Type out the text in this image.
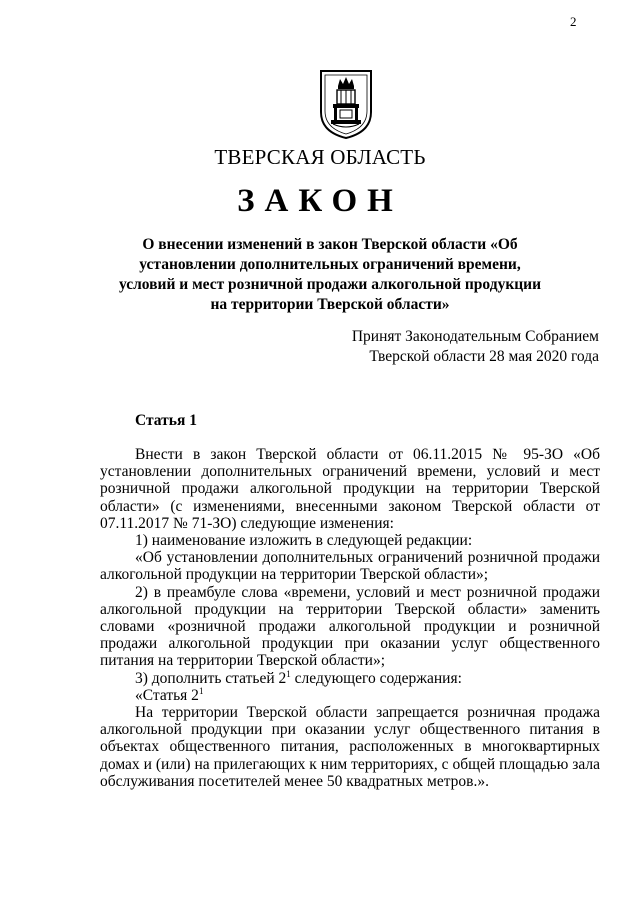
2
ТВЕРСКАЯ ОБЛАСТЬ
ЗАКОН
О внесении изменений в закон Тверской области «Об установлении дополнительных ограничений времени, условий и мест розничной продажи алкогольной продукции на территории Тверской области»
Принят Законодательным Собранием
Тверской области 28 мая 2020 года
Статья 1

Внести в закон Тверской области от 06.11.2015 № 95-ЗО «Об установлении дополнительных ограничений времени, условий и мест розничной продажи алкогольной продукции на территории Тверской области» (с изменениями, внесенными законом Тверской области от 07.11.2017 № 71-ЗО) следующие изменения:

1) наименование изложить в следующей редакции:

«Об установлении дополнительных ограничений розничной продажи алкогольной продукции на территории Тверской области»;

2) в преамбуле слова «времени, условий и мест розничной продажи алкогольной продукции на территории Тверской области» заменить словами «розничной продажи алкогольной продукции и розничной продажи алкогольной продукции при оказании услуг общественного питания на территории Тверской области»;

3) дополнить статьей $2^1$ следующего содержания:

«Статья $2^1$

На территории Тверской области запрещается розничная продажа алкогольной продукции при оказании услуг общественного питания в объектах общественного питания, расположенных в многоквартирных домах и (или) на прилегающих к ним территориях, с общей площадью зала обслуживания посетителей менее 50 квадратных метров.».
